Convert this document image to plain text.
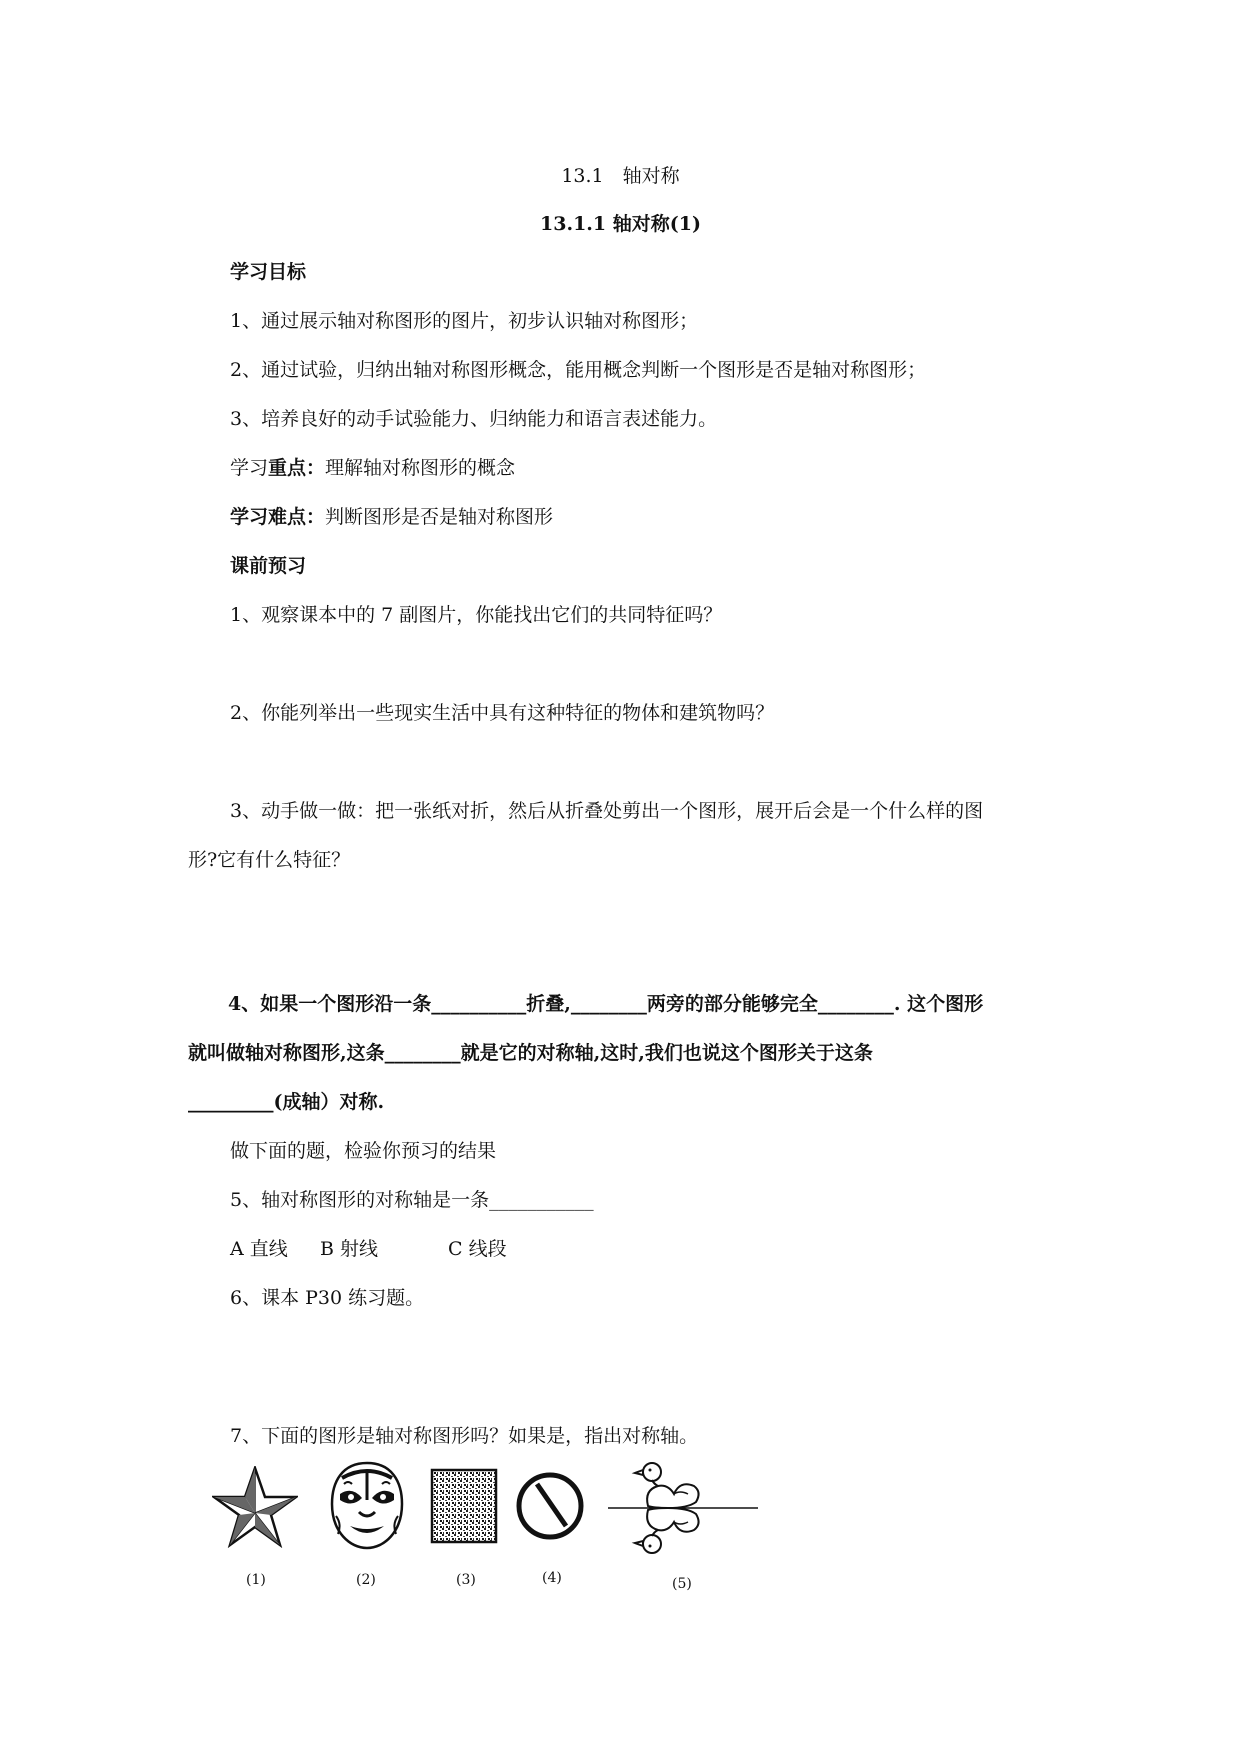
13.1　轴对称
13.1.1 轴对称(1)
学习目标
1、通过展示轴对称图形的图片，初步认识轴对称图形；
2、通过试验，归纳出轴对称图形概念，能用概念判断一个图形是否是轴对称图形；
3、培养良好的动手试验能力、归纳能力和语言表述能力。
学习重点：理解轴对称图形的概念
学习难点：判断图形是否是轴对称图形
课前预习
1、观察课本中的 7 副图片，你能找出它们的共同特征吗？
2、你能列举出一些现实生活中具有这种特征的物体和建筑物吗？
3、动手做一做：把一张纸对折，然后从折叠处剪出一个图形，展开后会是一个什么样的图
形?它有什么特征？
4、如果一个图形沿一条__________折叠,________两旁的部分能够完全________. 这个图形
就叫做轴对称图形,这条________就是它的对称轴,这时,我们也说这个图形关于这条
_________(成轴）对称.
做下面的题，检验你预习的结果
5、轴对称图形的对称轴是一条___________
A 直线 B 射线	C 线段
6、课本 P30 练习题。
7、下面的图形是轴对称图形吗？如果是，指出对称轴。
(1)	(2)	(3)	(4)	(5)
